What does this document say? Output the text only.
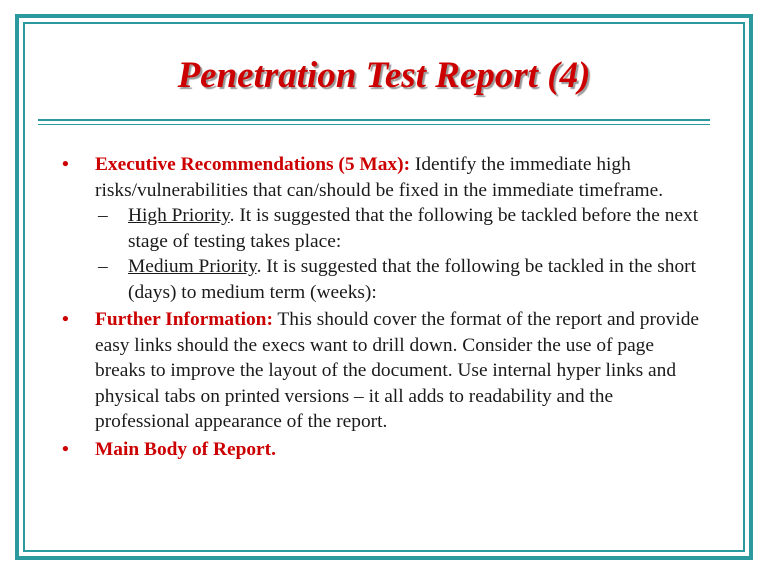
Penetration Test Report (4)
• Executive Recommendations (5 Max): Identify the immediate high risks/vulnerabilities that can/should be fixed in the immediate timeframe.
– High Priority. It is suggested that the following be tackled before the next stage of testing takes place:
– Medium Priority. It is suggested that the following be tackled in the short (days) to medium term (weeks):
• Further Information: This should cover the format of the report and provide easy links should the execs want to drill down. Consider the use of page breaks to improve the layout of the document. Use internal hyper links and physical tabs on printed versions – it all adds to readability and the professional appearance of the report.
• Main Body of Report.
